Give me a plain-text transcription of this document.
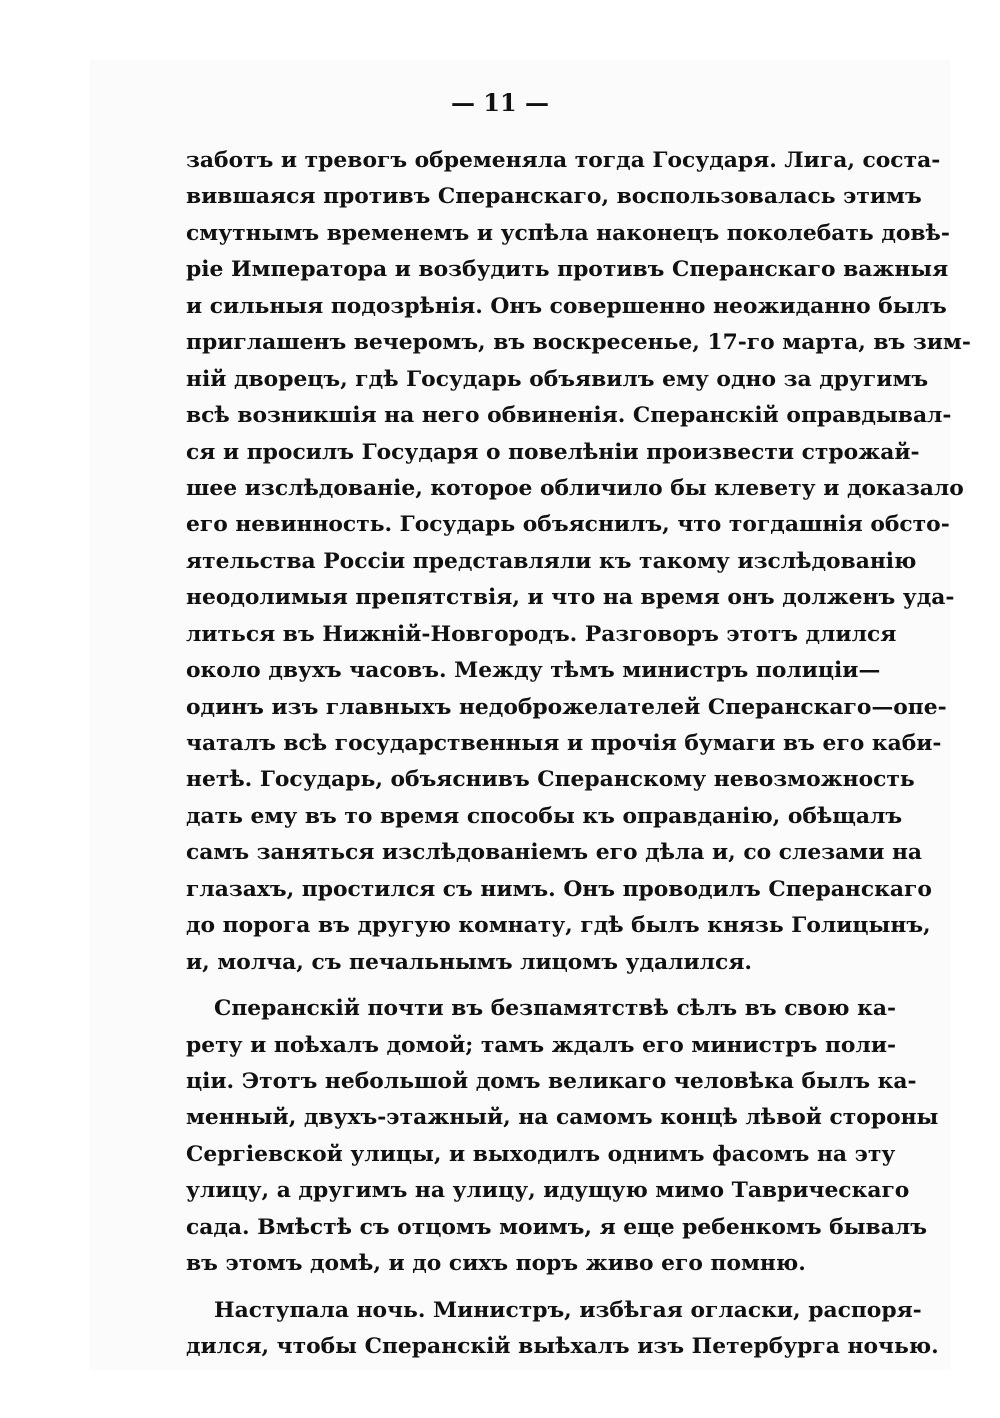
— 11 —
заботъ и тревогъ обременяла тогда Государя. Лига, соста-
вившаяся противъ Сперанскаго, воспользовалась этимъ
смутнымъ временемъ и успѣла наконецъ поколебать довѣ-
ріе Императора и возбудить противъ Сперанскаго важныя
и сильныя подозрѣнія. Онъ совершенно неожиданно былъ
приглашенъ вечеромъ, въ воскресенье, 17-го марта, въ зим-
ній дворецъ, гдѣ Государь объявилъ ему одно за другимъ
всѣ возникшія на него обвиненія. Сперанскій оправдывал-
ся и просилъ Государя о повелѣніи произвести строжай-
шее изслѣдованіе, которое обличило бы клевету и доказало
его невинность. Государь объяснилъ, что тогдашнія обсто-
ятельства Россіи представляли къ такому изслѣдованію
неодолимыя препятствія, и что на время онъ долженъ уда-
литься въ Нижній-Новгородъ. Разговоръ этотъ длился
около двухъ часовъ. Между тѣмъ министръ полиціи—
одинъ изъ главныхъ недоброжелателей Сперанскаго—опе-
чаталъ всѣ государственныя и прочія бумаги въ его каби-
нетѣ. Государь, объяснивъ Сперанскому невозможность
дать ему въ то время способы къ оправданію, обѣщалъ
самъ заняться изслѣдованіемъ его дѣла и, со слезами на
глазахъ, простился съ нимъ. Онъ проводилъ Сперанскаго
до порога въ другую комнату, гдѣ былъ князь Голицынъ,
и, молча, съ печальнымъ лицомъ удалился.
Сперанскій почти въ безпамятствѣ сѣлъ въ свою ка-
рету и поѣхалъ домой; тамъ ждалъ его министръ поли-
ціи. Этотъ небольшой домъ великаго человѣка былъ ка-
менный, двухъ-этажный, на самомъ концѣ лѣвой стороны
Сергіевской улицы, и выходилъ однимъ фасомъ на эту
улицу, а другимъ на улицу, идущую мимо Таврическаго
сада. Вмѣстѣ съ отцомъ моимъ, я еще ребенкомъ бывалъ
въ этомъ домѣ, и до сихъ поръ живо его помню.
Наступала ночь. Министръ, избѣгая огласки, распоря-
дился, чтобы Сперанскій выѣхалъ изъ Петербурга ночью.
